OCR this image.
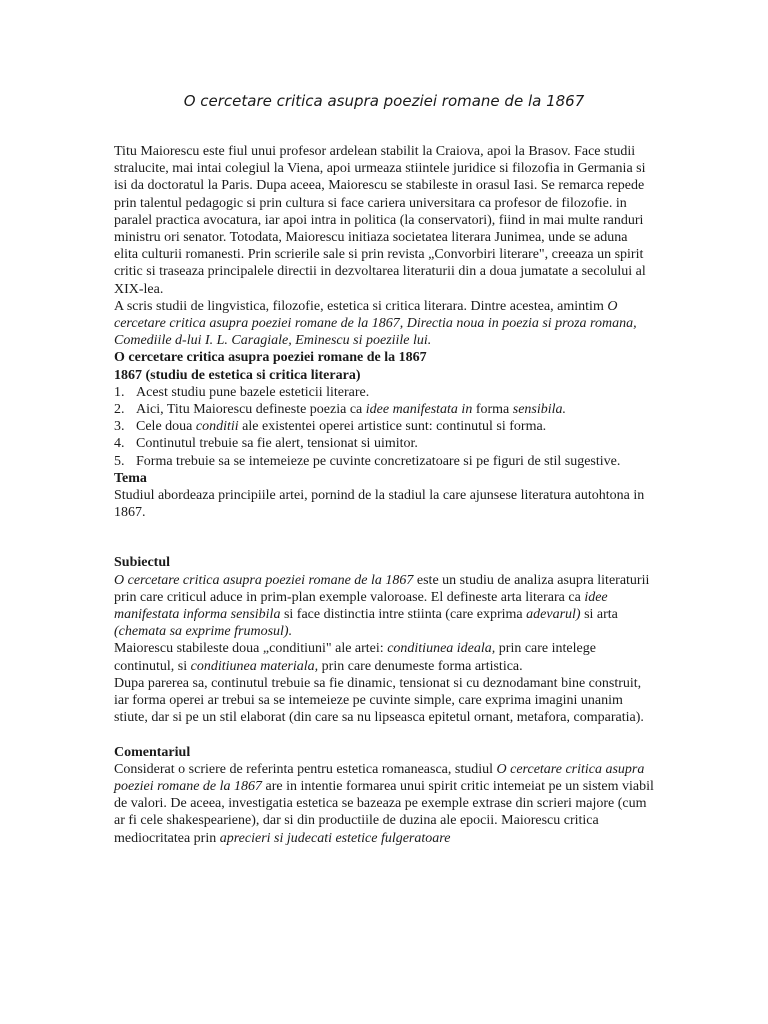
O cercetare critica asupra poeziei romane de la 1867

Titu Maiorescu este fiul unui profesor ardelean stabilit la Craiova, apoi la Brasov. Face studii stralucite, mai intai colegiul la Viena, apoi urmeaza stiintele juridice si filozofia in Germania si isi da doctoratul la Paris. Dupa aceea, Maiorescu se stabileste in orasul Iasi. Se remarca repede prin talentul pedagogic si prin cultura si face cariera universitara ca profesor de filozofie. in paralel practica avocatura, iar apoi intra in politica (la conservatori), fiind in mai multe randuri ministru ori senator. Totodata, Maiorescu initiaza societatea literara Junimea, unde se aduna elita culturii romanesti. Prin scrierile sale si prin revista „Convorbiri literare", creeaza un spirit critic si traseaza principalele directii in dezvoltarea literaturii din a doua jumatate a secolului al XIX-lea.

A scris studii de lingvistica, filozofie, estetica si critica literara. Dintre acestea, amintim O cercetare critica asupra poeziei romane de la 1867, Directia noua in poezia si proza romana, Comediile d-lui I. L. Caragiale, Eminescu si poeziile lui.

O cercetare critica asupra poeziei romane de la 1867

1867 (studiu de estetica si critica literara)

1. Acest studiu pune bazele esteticii literare.
2. Aici, Titu Maiorescu defineste poezia ca idee manifestata in forma sensibila.
3. Cele doua conditii ale existentei operei artistice sunt: continutul si forma.
4. Continutul trebuie sa fie alert, tensionat si uimitor.
5. Forma trebuie sa se intemeieze pe cuvinte concretizatoare si pe figuri de stil sugestive.

Tema

Studiul abordeaza principiile artei, pornind de la stadiul la care ajunsese literatura autohtona in 1867.

Subiectul

O cercetare critica asupra poeziei romane de la 1867 este un studiu de analiza asupra literaturii prin care criticul aduce in prim-plan exemple valoroase. El defineste arta literara ca idee manifestata informa sensibila si face distinctia intre stiinta (care exprima adevarul) si arta (chemata sa exprime frumosul).

Maiorescu stabileste doua „conditiuni" ale artei: conditiunea ideala, prin care intelege continutul, si conditiunea materiala, prin care denumeste forma artistica.

Dupa parerea sa, continutul trebuie sa fie dinamic, tensionat si cu deznodamant bine construit, iar forma operei ar trebui sa se intemeieze pe cuvinte simple, care exprima imagini unanim stiute, dar si pe un stil elaborat (din care sa nu lipseasca epitetul ornant, metafora, comparatia).

Comentariul

Considerat o scriere de referinta pentru estetica romaneasca, studiul O cercetare critica asupra poeziei romane de la 1867 are in intentie formarea unui spirit critic intemeiat pe un sistem viabil de valori. De aceea, investigatia estetica se bazeaza pe exemple extrase din scrieri majore (cum ar fi cele shakespeariene), dar si din productiile de duzina ale epocii. Maiorescu critica mediocritatea prin aprecieri si judecati estetice fulgeratoare
